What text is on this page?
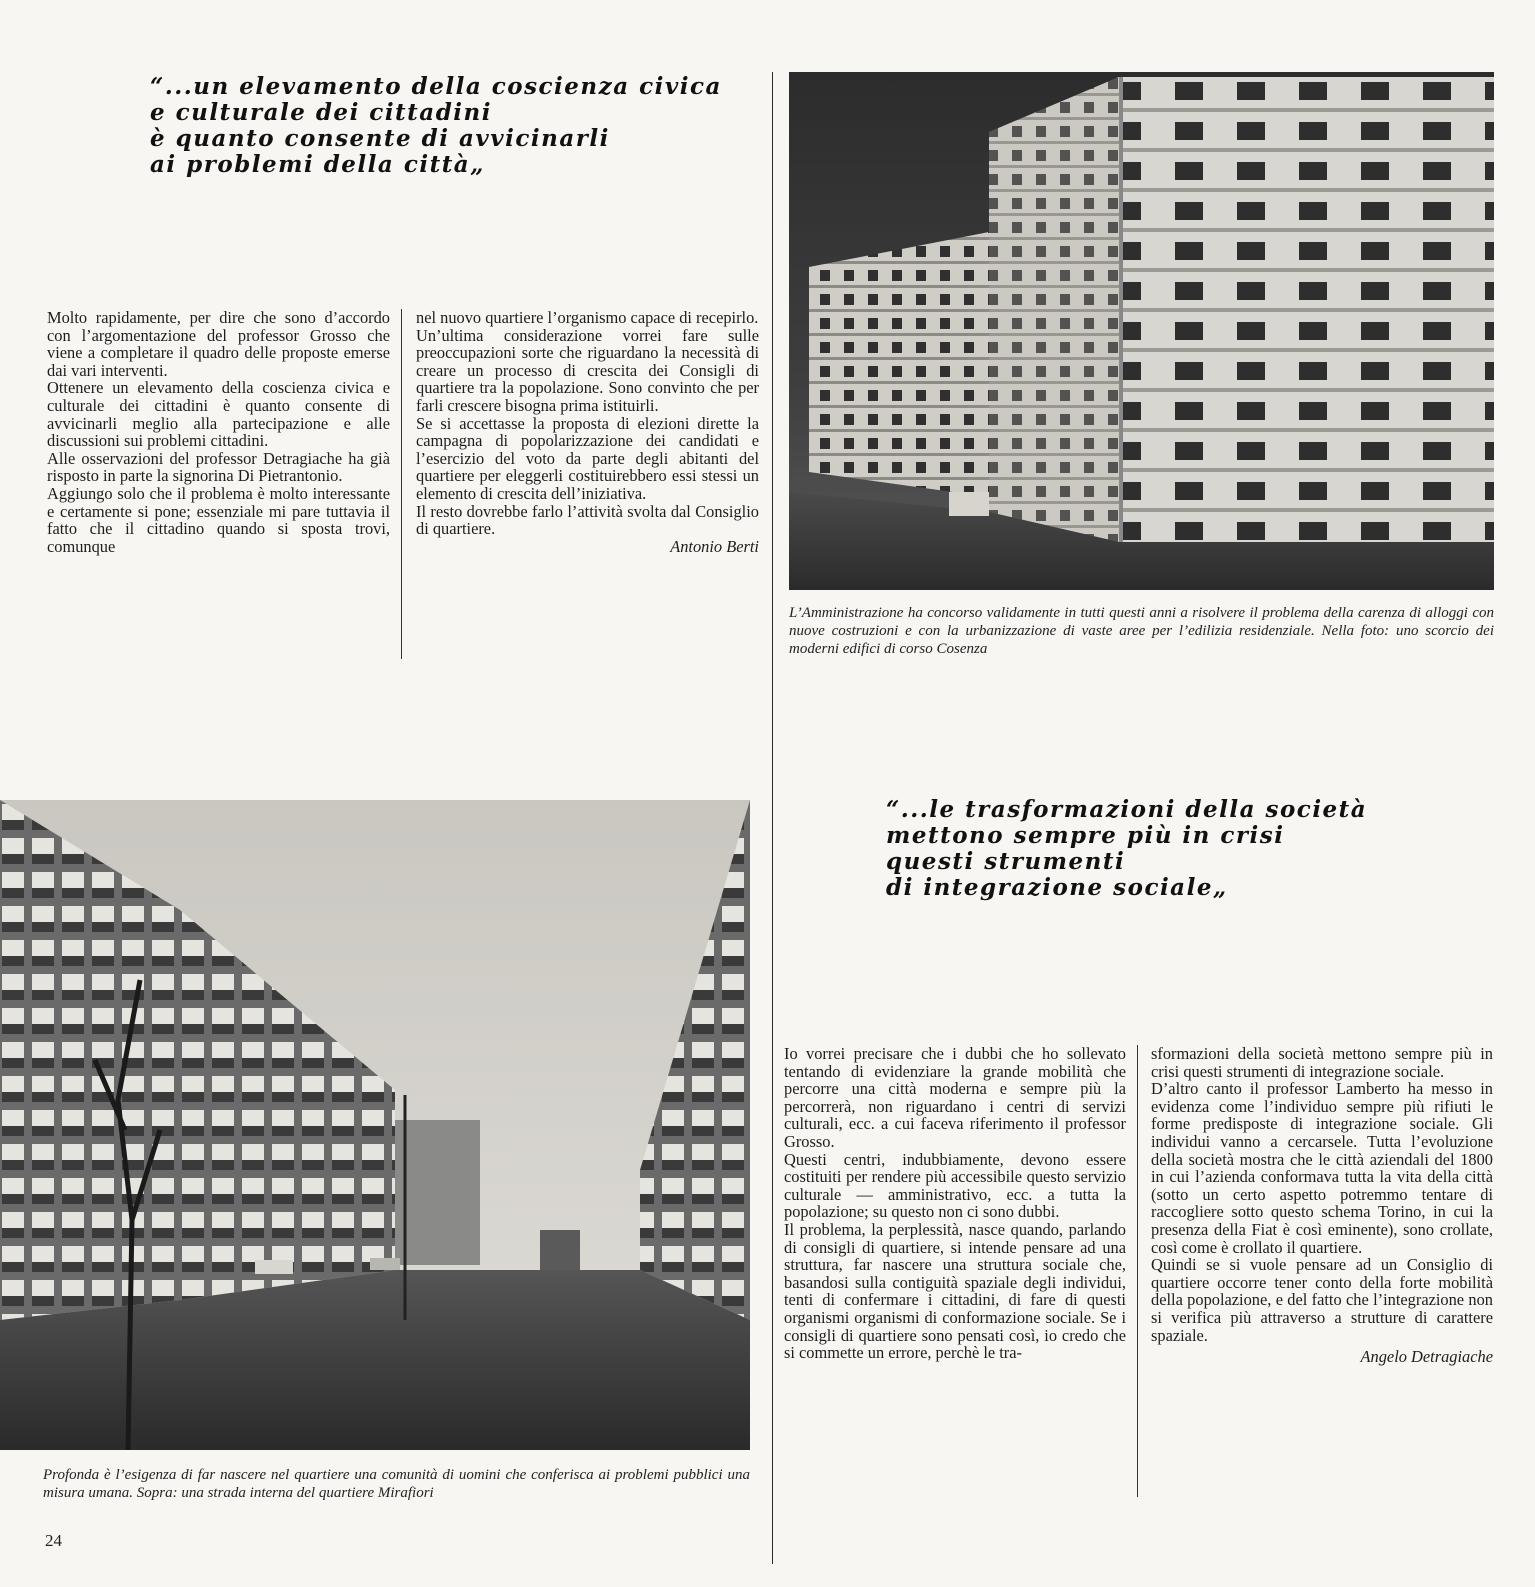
“...un elevamento della coscienza civica
e culturale dei cittadini
è quanto consente di avvicinarli
ai problemi della città„

Molto rapidamente, per dire che sono d’accordo con l’argomentazione del professor Grosso che viene a completare il quadro delle proposte emerse dai vari interventi.

Ottenere un elevamento della coscienza civica e culturale dei cittadini è quanto consente di avvicinarli meglio alla partecipazione e alle discussioni sui problemi cittadini.

Alle osservazioni del professor Detragiache ha già risposto in parte la signorina Di Pietrantonio.

Aggiungo solo che il problema è molto interessante e certamente si pone; essenziale mi pare tuttavia il fatto che il cittadino quando si sposta trovi, comunque

nel nuovo quartiere l’organismo capace di recepirlo.

Un’ultima considerazione vorrei fare sulle preoccupazioni sorte che riguardano la necessità di creare un processo di crescita dei Consigli di quartiere tra la popolazione. Sono convinto che per farli crescere bisogna prima istituirli.

Se si accettasse la proposta di elezioni dirette la campagna di popolarizzazione dei candidati e l’esercizio del voto da parte degli abitanti del quartiere per eleggerli costituirebbero essi stessi un elemento di crescita dell’iniziativa.

Il resto dovrebbe farlo l’attività svolta dal Consiglio di quartiere.

Antonio Berti
L’Amministrazione ha concorso validamente in tutti questi anni a risolvere il problema della carenza di alloggi con nuove costruzioni e con la urbanizzazione di vaste aree per l’edilizia residenziale. Nella foto: uno scorcio dei moderni edifici di corso Cosenza
Profonda è l’esigenza di far nascere nel quartiere una comunità di uomini che conferisca ai problemi pubblici una misura umana. Sopra: una strada interna del quartiere Mirafiori
“...le trasformazioni della società
mettono sempre più in crisi
questi strumenti
di integrazione sociale„

Io vorrei precisare che i dubbi che ho sollevato tentando di evidenziare la grande mobilità che percorre una città moderna e sempre più la percorrerà, non riguardano i centri di servizi culturali, ecc. a cui faceva riferimento il professor Grosso.

Questi centri, indubbiamente, devono essere costituiti per rendere più accessibile questo servizio culturale — amministrativo, ecc. a tutta la popolazione; su questo non ci sono dubbi.

Il problema, la perplessità, nasce quando, parlando di consigli di quartiere, si intende pensare ad una struttura, far nascere una struttura sociale che, basandosi sulla contiguità spaziale degli individui, tenti di confermare i cittadini, di fare di questi organismi organismi di conformazione sociale. Se i consigli di quartiere sono pensati così, io credo che si commette un errore, perchè le tra-

sformazioni della società mettono sempre più in crisi questi strumenti di integrazione sociale.

D’altro canto il professor Lamberto ha messo in evidenza come l’individuo sempre più rifiuti le forme predisposte di integrazione sociale. Gli individui vanno a cercarsele. Tutta l’evoluzione della società mostra che le città aziendali del 1800 in cui l’azienda conformava tutta la vita della città (sotto un certo aspetto potremmo tentare di raccogliere sotto questo schema Torino, in cui la presenza della Fiat è così eminente), sono crollate, così come è crollato il quartiere.

Quindi se si vuole pensare ad un Consiglio di quartiere occorre tener conto della forte mobilità della popolazione, e del fatto che l’integrazione non si verifica più attraverso a strutture di carattere spaziale.

Angelo Detragiache
24
